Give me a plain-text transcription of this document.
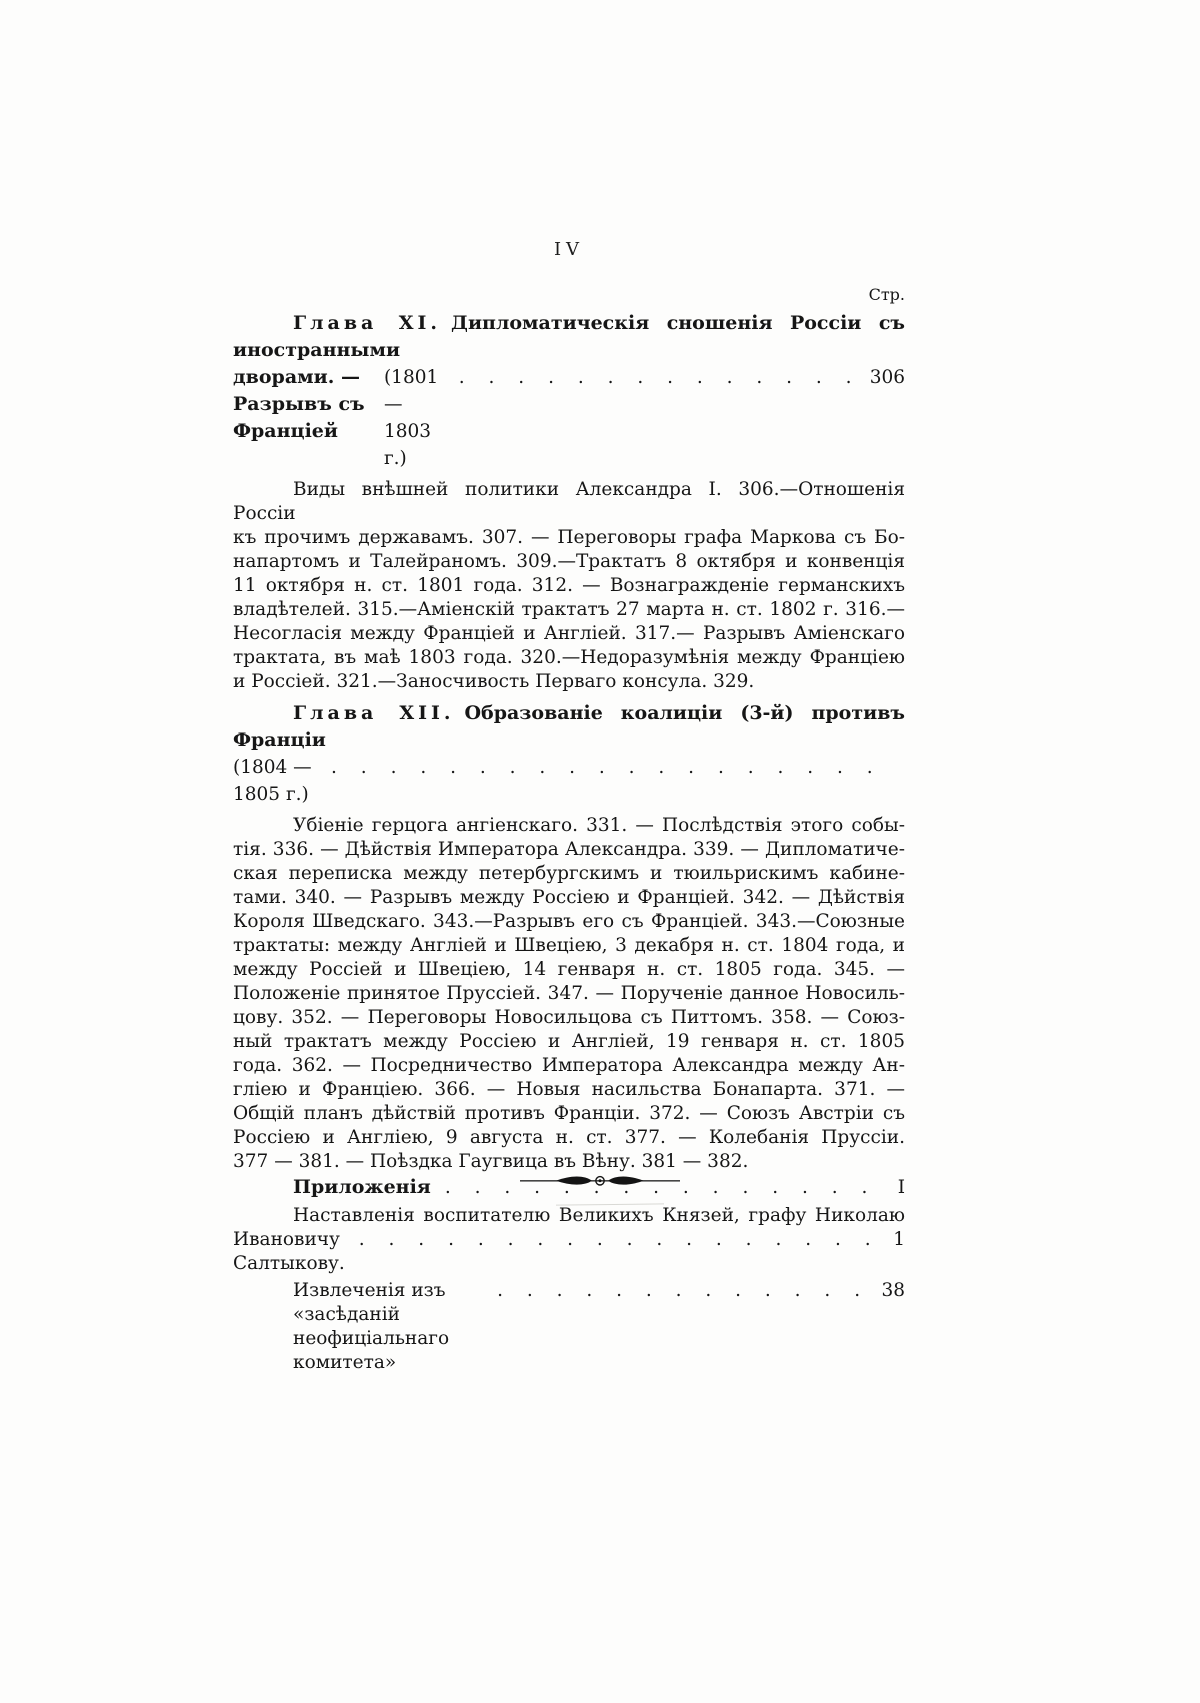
IV
Стр.
Глава XI. Дипломатическія сношенія Россіи съ иностранными
дворами. — Разрывъ съ Франціей
(1801 — 1803 г.)
. . .
306
Виды внѣшней политики Александра I. 306.—Отношенія Россіи
къ прочимъ державамъ. 307. — Переговоры графа Маркова съ Бо-
напартомъ и Талейраномъ. 309.—Трактатъ 8 октября и конвенція
11 октября н. ст. 1801 года. 312. — Вознагражденіе германскихъ
владѣтелей. 315.—Аміенскій трактатъ 27 марта н. ст. 1802 г. 316.—
Несогласія между Франціей и Англіей. 317.— Разрывъ Аміенскаго
трактата, въ маѣ 1803 года. 320.—Недоразумѣнія между Франціею
и Россіей. 321.—Заносчивость Перваго консула. 329.
Глава XII. Образованіе коалиціи (3-й) противъ Франціи
(1804 — 1805 г.)
. . .
Убіеніе герцога ангіенскаго. 331. — Послѣдствія этого собы-
тія. 336. — Дѣйствія Императора Александра. 339. — Дипломатиче-
ская переписка между петербургскимъ и тюильрискимъ кабине-
тами. 340. — Разрывъ между Россіею и Франціей. 342. — Дѣйствія
Короля Шведскаго. 343.—Разрывъ его съ Франціей. 343.—Союзные
трактаты: между Англіей и Швеціею, 3 декабря н. ст. 1804 года, и
между Россіей и Швеціею, 14 генваря н. ст. 1805 года. 345. —
Положеніе принятое Пруссіей. 347. — Порученіе данное Новосиль-
цову. 352. — Переговоры Новосильцова съ Питтомъ. 358. — Союз-
ный трактатъ между Россіею и Англіей, 19 генваря н. ст. 1805
года. 362. — Посредничество Императора Александра между Ан-
гліею и Франціею. 366. — Новыя насильства Бонапарта. 371. —
Общій планъ дѣйствій противъ Франціи. 372. — Союзъ Австріи съ
Россіею и Англіею, 9 августа н. ст. 377. — Колебанія Пруссіи.
377 — 381. — Поѣздка Гаугвица въ Вѣну. 381 — 382.
Приложенія . . .	I
Наставленія воспитателю Великихъ Князей, графу Николаю
Ивановичу Салтыкову.
. . .
1
Извлеченія изъ «засѣданій неофиціальнаго комитета»
. . .
38
